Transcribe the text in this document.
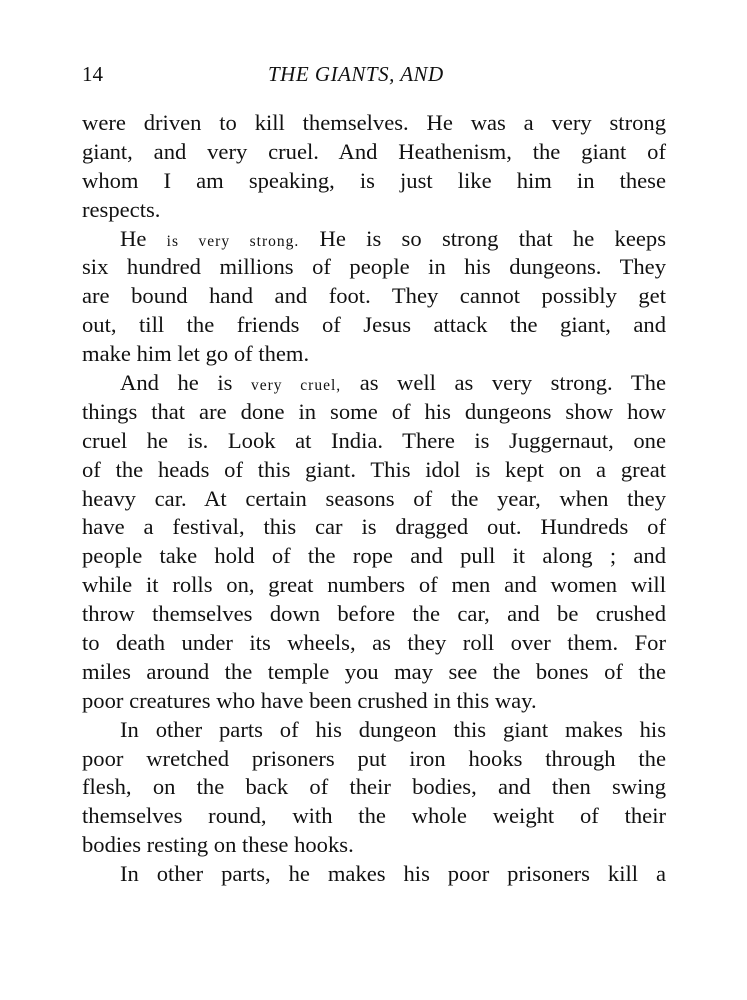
14	THE GIANTS, AND
were driven to kill themselves. He was a very strong
giant, and very cruel. And Heathenism, the giant of
whom I am speaking, is just like him in these
respects.
He is very strong. He is so strong that he keeps
six hundred millions of people in his dungeons. They
are bound hand and foot. They cannot possibly get
out, till the friends of Jesus attack the giant, and
make him let go of them.
And he is very cruel, as well as very strong. The
things that are done in some of his dungeons show how
cruel he is. Look at India. There is Juggernaut, one
of the heads of this giant. This idol is kept on a great
heavy car. At certain seasons of the year, when they
have a festival, this car is dragged out. Hundreds of
people take hold of the rope and pull it along ; and
while it rolls on, great numbers of men and women will
throw themselves down before the car, and be crushed
to death under its wheels, as they roll over them. For
miles around the temple you may see the bones of the
poor creatures who have been crushed in this way.
In other parts of his dungeon this giant makes his
poor wretched prisoners put iron hooks through the
flesh, on the back of their bodies, and then swing
themselves round, with the whole weight of their
bodies resting on these hooks.
In other parts, he makes his poor prisoners kill a
